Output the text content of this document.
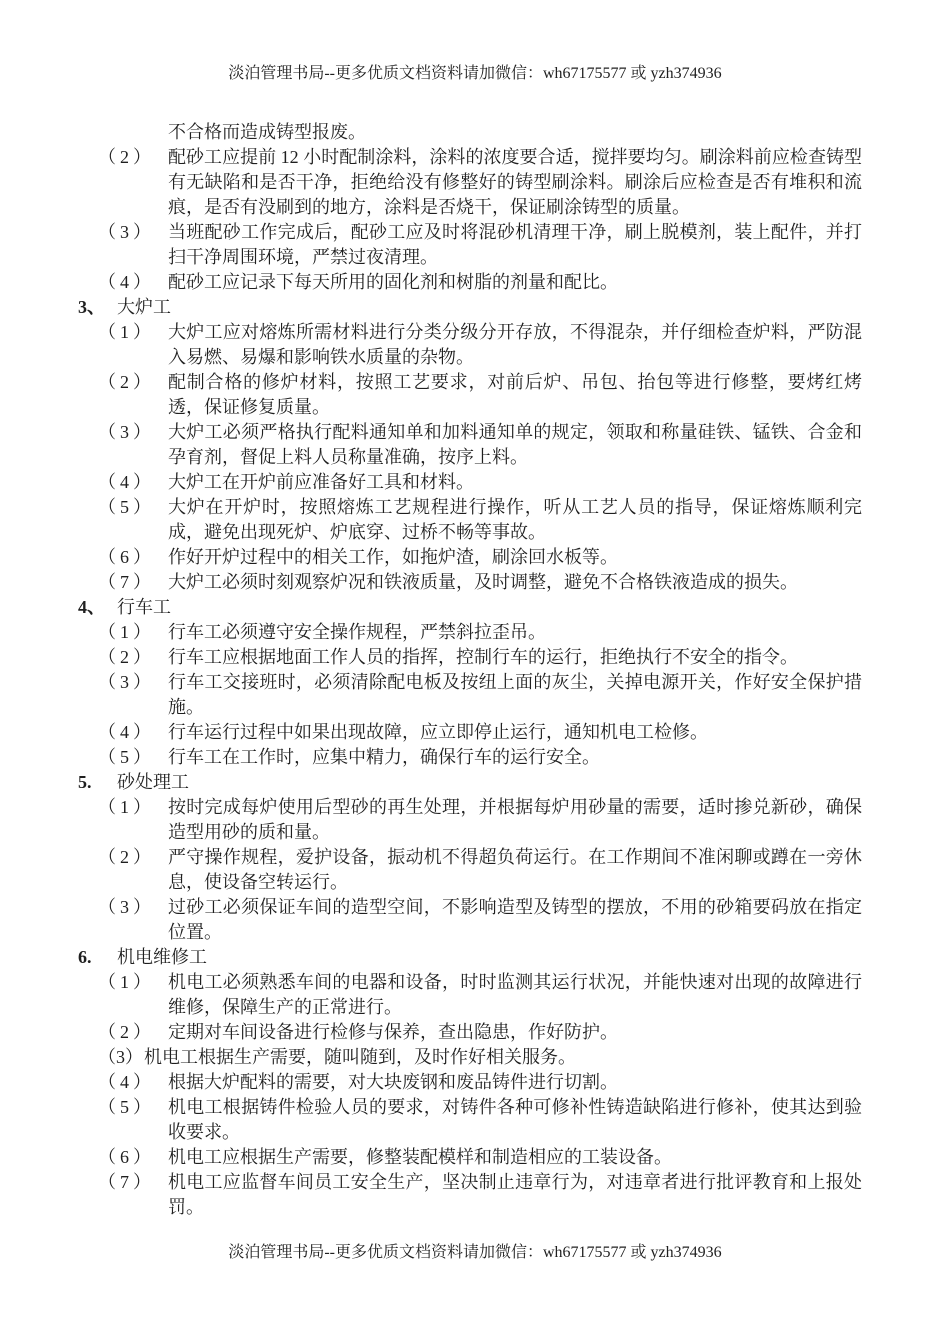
淡泊管理书局--更多优质文档资料请加微信：wh67175577 或 yzh374936
不合格而造成铸型报废。
（2） 配砂工应提前 12 小时配制涂料，涂料的浓度要合适，搅拌要均匀。刷涂料前应检查铸型有无缺陷和是否干净，拒绝给没有修整好的铸型刷涂料。刷涂后应检查是否有堆积和流痕，是否有没刷到的地方，涂料是否烧干，保证刷涂铸型的质量。
（3） 当班配砂工作完成后，配砂工应及时将混砂机清理干净，刷上脱模剂，装上配件，并打扫干净周围环境，严禁过夜清理。
（4） 配砂工应记录下每天所用的固化剂和树脂的剂量和配比。
3、 大炉工
（1） 大炉工应对熔炼所需材料进行分类分级分开存放，不得混杂，并仔细检查炉料，严防混入易燃、易爆和影响铁水质量的杂物。
（2） 配制合格的修炉材料，按照工艺要求，对前后炉、吊包、抬包等进行修整，要烤红烤透，保证修复质量。
（3） 大炉工必须严格执行配料通知单和加料通知单的规定，领取和称量硅铁、锰铁、合金和孕育剂，督促上料人员称量准确，按序上料。
（4） 大炉工在开炉前应准备好工具和材料。
（5） 大炉在开炉时，按照熔炼工艺规程进行操作，听从工艺人员的指导，保证熔炼顺利完成，避免出现死炉、炉底穿、过桥不畅等事故。
（6） 作好开炉过程中的相关工作，如拖炉渣，刷涂回水板等。
（7） 大炉工必须时刻观察炉况和铁液质量，及时调整，避免不合格铁液造成的损失。
4、 行车工
（1） 行车工必须遵守安全操作规程，严禁斜拉歪吊。
（2） 行车工应根据地面工作人员的指挥，控制行车的运行，拒绝执行不安全的指令。
（3） 行车工交接班时，必须清除配电板及按纽上面的灰尘，关掉电源开关，作好安全保护措施。
（4） 行车运行过程中如果出现故障，应立即停止运行，通知机电工检修。
（5） 行车工在工作时，应集中精力，确保行车的运行安全。
5. 砂处理工
（1） 按时完成每炉使用后型砂的再生处理，并根据每炉用砂量的需要，适时掺兑新砂，确保造型用砂的质和量。
（2） 严守操作规程，爱护设备，振动机不得超负荷运行。在工作期间不准闲聊或蹲在一旁休息，使设备空转运行。
（3） 过砂工必须保证车间的造型空间，不影响造型及铸型的摆放，不用的砂箱要码放在指定位置。
6. 机电维修工
（1） 机电工必须熟悉车间的电器和设备，时时监测其运行状况，并能快速对出现的故障进行维修，保障生产的正常进行。
（2） 定期对车间设备进行检修与保养，查出隐患，作好防护。
（3） 机电工根据生产需要，随叫随到，及时作好相关服务。
（4） 根据大炉配料的需要，对大块废钢和废品铸件进行切割。
（5） 机电工根据铸件检验人员的要求，对铸件各种可修补性铸造缺陷进行修补，使其达到验收要求。
（6） 机电工应根据生产需要，修整装配模样和制造相应的工装设备。
（7） 机电工应监督车间员工安全生产，坚决制止违章行为，对违章者进行批评教育和上报处罚。
淡泊管理书局--更多优质文档资料请加微信：wh67175577 或 yzh374936
